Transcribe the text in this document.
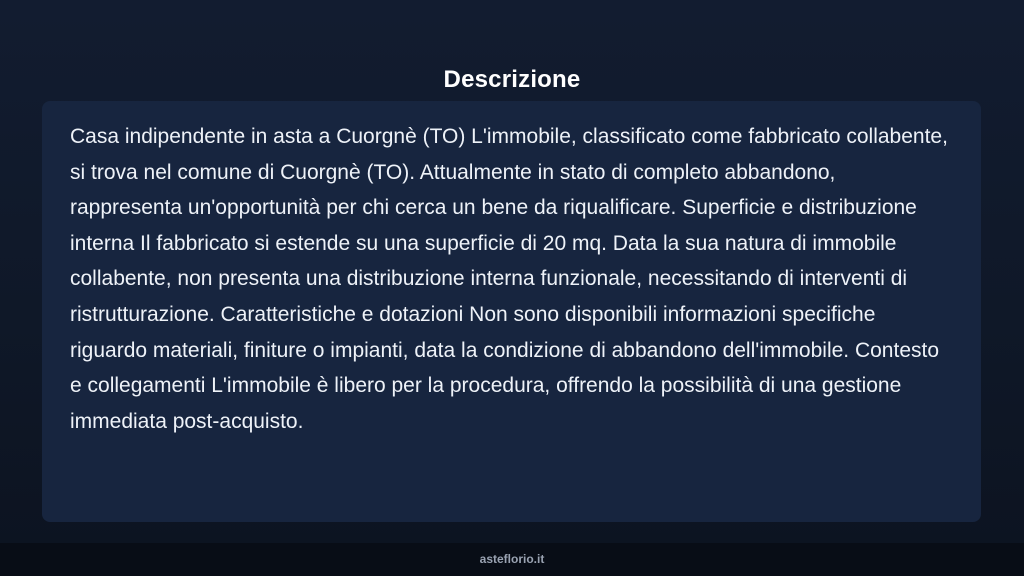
Descrizione

Casa indipendente in asta a Cuorgnè (TO) L'immobile, classificato come fabbricato collabente, si trova nel comune di Cuorgnè (TO). Attualmente in stato di completo abbandono, rappresenta un'opportunità per chi cerca un bene da riqualificare. Superficie e distribuzione interna Il fabbricato si estende su una superficie di 20 mq. Data la sua natura di immobile collabente, non presenta una distribuzione interna funzionale, necessitando di interventi di ristrutturazione. Caratteristiche e dotazioni Non sono disponibili informazioni specifiche riguardo materiali, finiture o impianti, data la condizione di abbandono dell'immobile. Contesto e collegamenti L'immobile è libero per la procedura, offrendo la possibilità di una gestione immediata post-acquisto.

asteflorio.it
